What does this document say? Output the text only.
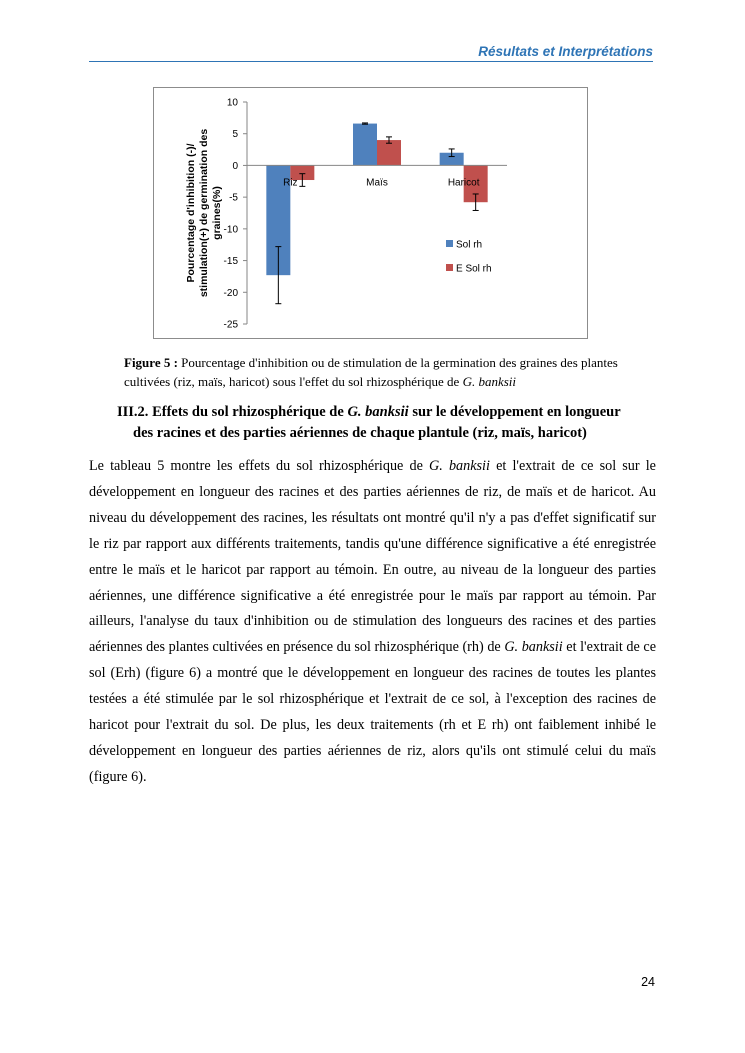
Résultats et Interprétations
10
5
0
-5
-10
-15
-20
-25
Riz	Maïs	Haricot
Sol rh
E Sol rh
Pourcentage d'inhibition (-)/ stimulation(+) de germination des graines(%)
Figure 5 : Pourcentage d'inhibition ou de stimulation de la germination des graines des plantes cultivées (riz, maïs, haricot) sous l'effet du sol rhizosphérique de G. banksii
III.2. Effets du sol rhizosphérique de G. banksii sur le développement en longueur
des racines et des parties aériennes de chaque plantule (riz, maïs, haricot)
Le tableau 5 montre les effets du sol rhizosphérique de G. banksii et l'extrait de ce sol sur le développement en longueur des racines et des parties aériennes de riz, de maïs et de haricot. Au niveau du développement des racines, les résultats ont montré qu'il n'y a pas d'effet significatif sur le riz par rapport aux différents traitements, tandis qu'une différence significative a été enregistrée entre le maïs et le haricot par rapport au témoin. En outre, au niveau de la longueur des parties aériennes, une différence significative a été enregistrée pour le maïs par rapport au témoin. Par ailleurs, l'analyse du taux d'inhibition ou de stimulation des longueurs des racines et des parties aériennes des plantes cultivées en présence du sol rhizosphérique (rh) de G. banksii et l'extrait de ce sol (Erh) (figure 6) a montré que le développement en longueur des racines de toutes les plantes testées a été stimulée par le sol rhizosphérique et l'extrait de ce sol, à l'exception des racines de haricot pour l'extrait du sol. De plus, les deux traitements (rh et E rh) ont faiblement inhibé le développement en longueur des parties aériennes de riz, alors qu'ils ont stimulé celui du maïs (figure 6).
24
